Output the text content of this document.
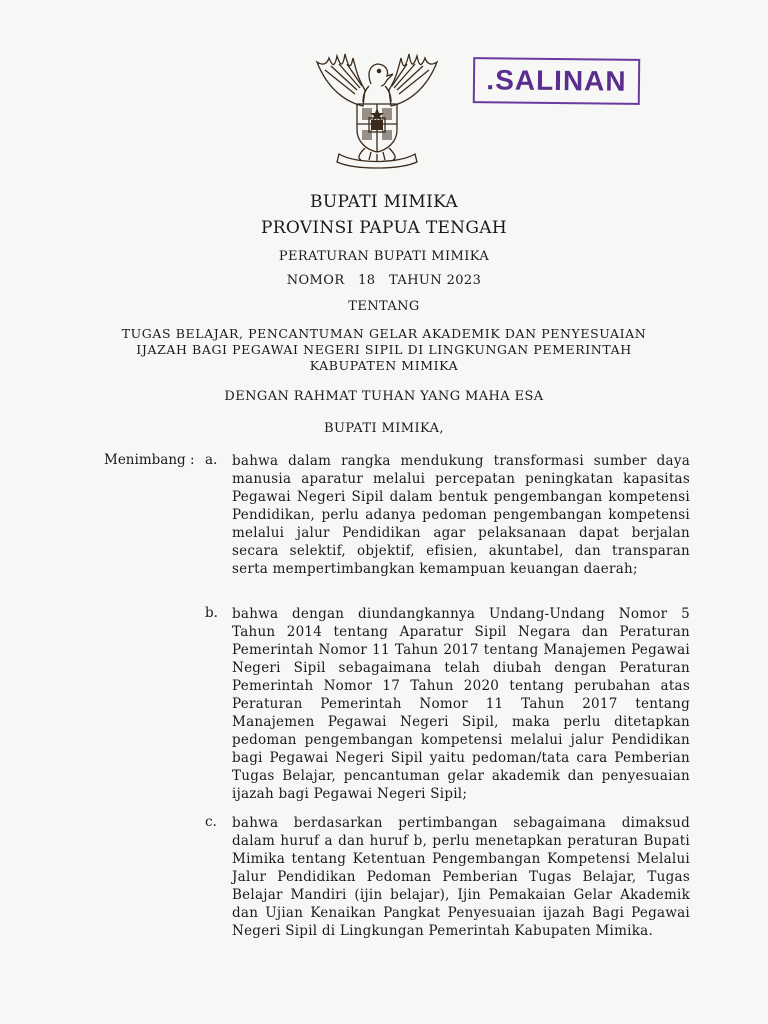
.SALINAN
BUPATI MIMIKA
PROVINSI PAPUA TENGAH
PERATURAN BUPATI MIMIKA
NOMOR   18   TAHUN 2023
TENTANG
TUGAS BELAJAR, PENCANTUMAN GELAR AKADEMIK DAN PENYESUAIAN
IJAZAH BAGI PEGAWAI NEGERI SIPIL DI LINGKUNGAN PEMERINTAH
KABUPATEN MIMIKA
DENGAN RAHMAT TUHAN YANG MAHA ESA
BUPATI MIMIKA,
Menimbang : a. bahwa dalam rangka mendukung transformasi sumber daya manusia aparatur melalui percepatan peningkatan kapasitas Pegawai Negeri Sipil dalam bentuk pengembangan kompetensi Pendidikan, perlu adanya pedoman pengembangan kompetensi melalui jalur Pendidikan agar pelaksanaan dapat berjalan secara selektif, objektif, efisien, akuntabel, dan transparan serta mempertimbangkan kemampuan keuangan daerah;
b. bahwa dengan diundangkannya Undang-Undang Nomor 5 Tahun 2014 tentang Aparatur Sipil Negara dan Peraturan Pemerintah Nomor 11 Tahun 2017 tentang Manajemen Pegawai Negeri Sipil sebagaimana telah diubah dengan Peraturan Pemerintah Nomor 17 Tahun 2020 tentang perubahan atas Peraturan Pemerintah Nomor 11 Tahun 2017 tentang Manajemen Pegawai Negeri Sipil, maka perlu ditetapkan pedoman pengembangan kompetensi melalui jalur Pendidikan bagi Pegawai Negeri Sipil yaitu pedoman/tata cara Pemberian Tugas Belajar, pencantuman gelar akademik dan penyesuaian ijazah bagi Pegawai Negeri Sipil;
c. bahwa berdasarkan pertimbangan sebagaimana dimaksud dalam huruf a dan huruf b, perlu menetapkan peraturan Bupati Mimika tentang Ketentuan Pengembangan Kompetensi Melalui Jalur Pendidikan Pedoman Pemberian Tugas Belajar, Tugas Belajar Mandiri (ijin belajar), Ijin Pemakaian Gelar Akademik dan Ujian Kenaikan Pangkat Penyesuaian ijazah Bagi Pegawai Negeri Sipil di Lingkungan Pemerintah Kabupaten Mimika.
